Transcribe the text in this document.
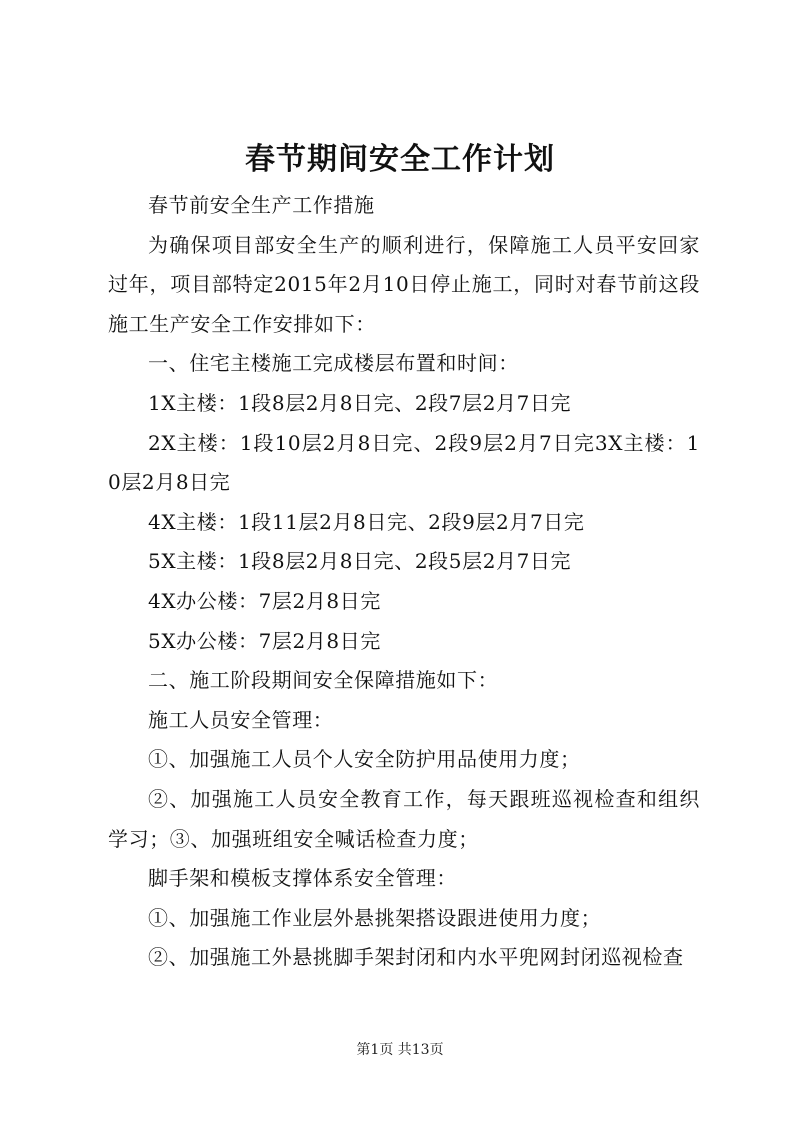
春节期间安全工作计划

春节前安全生产工作措施

为确保项目部安全生产的顺利进行，保障施工人员平安回家过年，项目部特定2015年2月10日停止施工，同时对春节前这段施工生产安全工作安排如下：

一、住宅主楼施工完成楼层布置和时间：

1X主楼：1段8层2月8日完、2段7层2月7日完

2X主楼：1段10层2月8日完、2段9层2月7日完3X主楼：10层2月8日完

4X主楼：1段11层2月8日完、2段9层2月7日完

5X主楼：1段8层2月8日完、2段5层2月7日完

4X办公楼：7层2月8日完

5X办公楼：7层2月8日完

二、施工阶段期间安全保障措施如下：

施工人员安全管理：

①、加强施工人员个人安全防护用品使用力度；

②、加强施工人员安全教育工作，每天跟班巡视检查和组织学习；③、加强班组安全喊话检查力度；

脚手架和模板支撑体系安全管理：

①、加强施工作业层外悬挑架搭设跟进使用力度；

②、加强施工外悬挑脚手架封闭和内水平兜网封闭巡视检查

第1页 共13页
